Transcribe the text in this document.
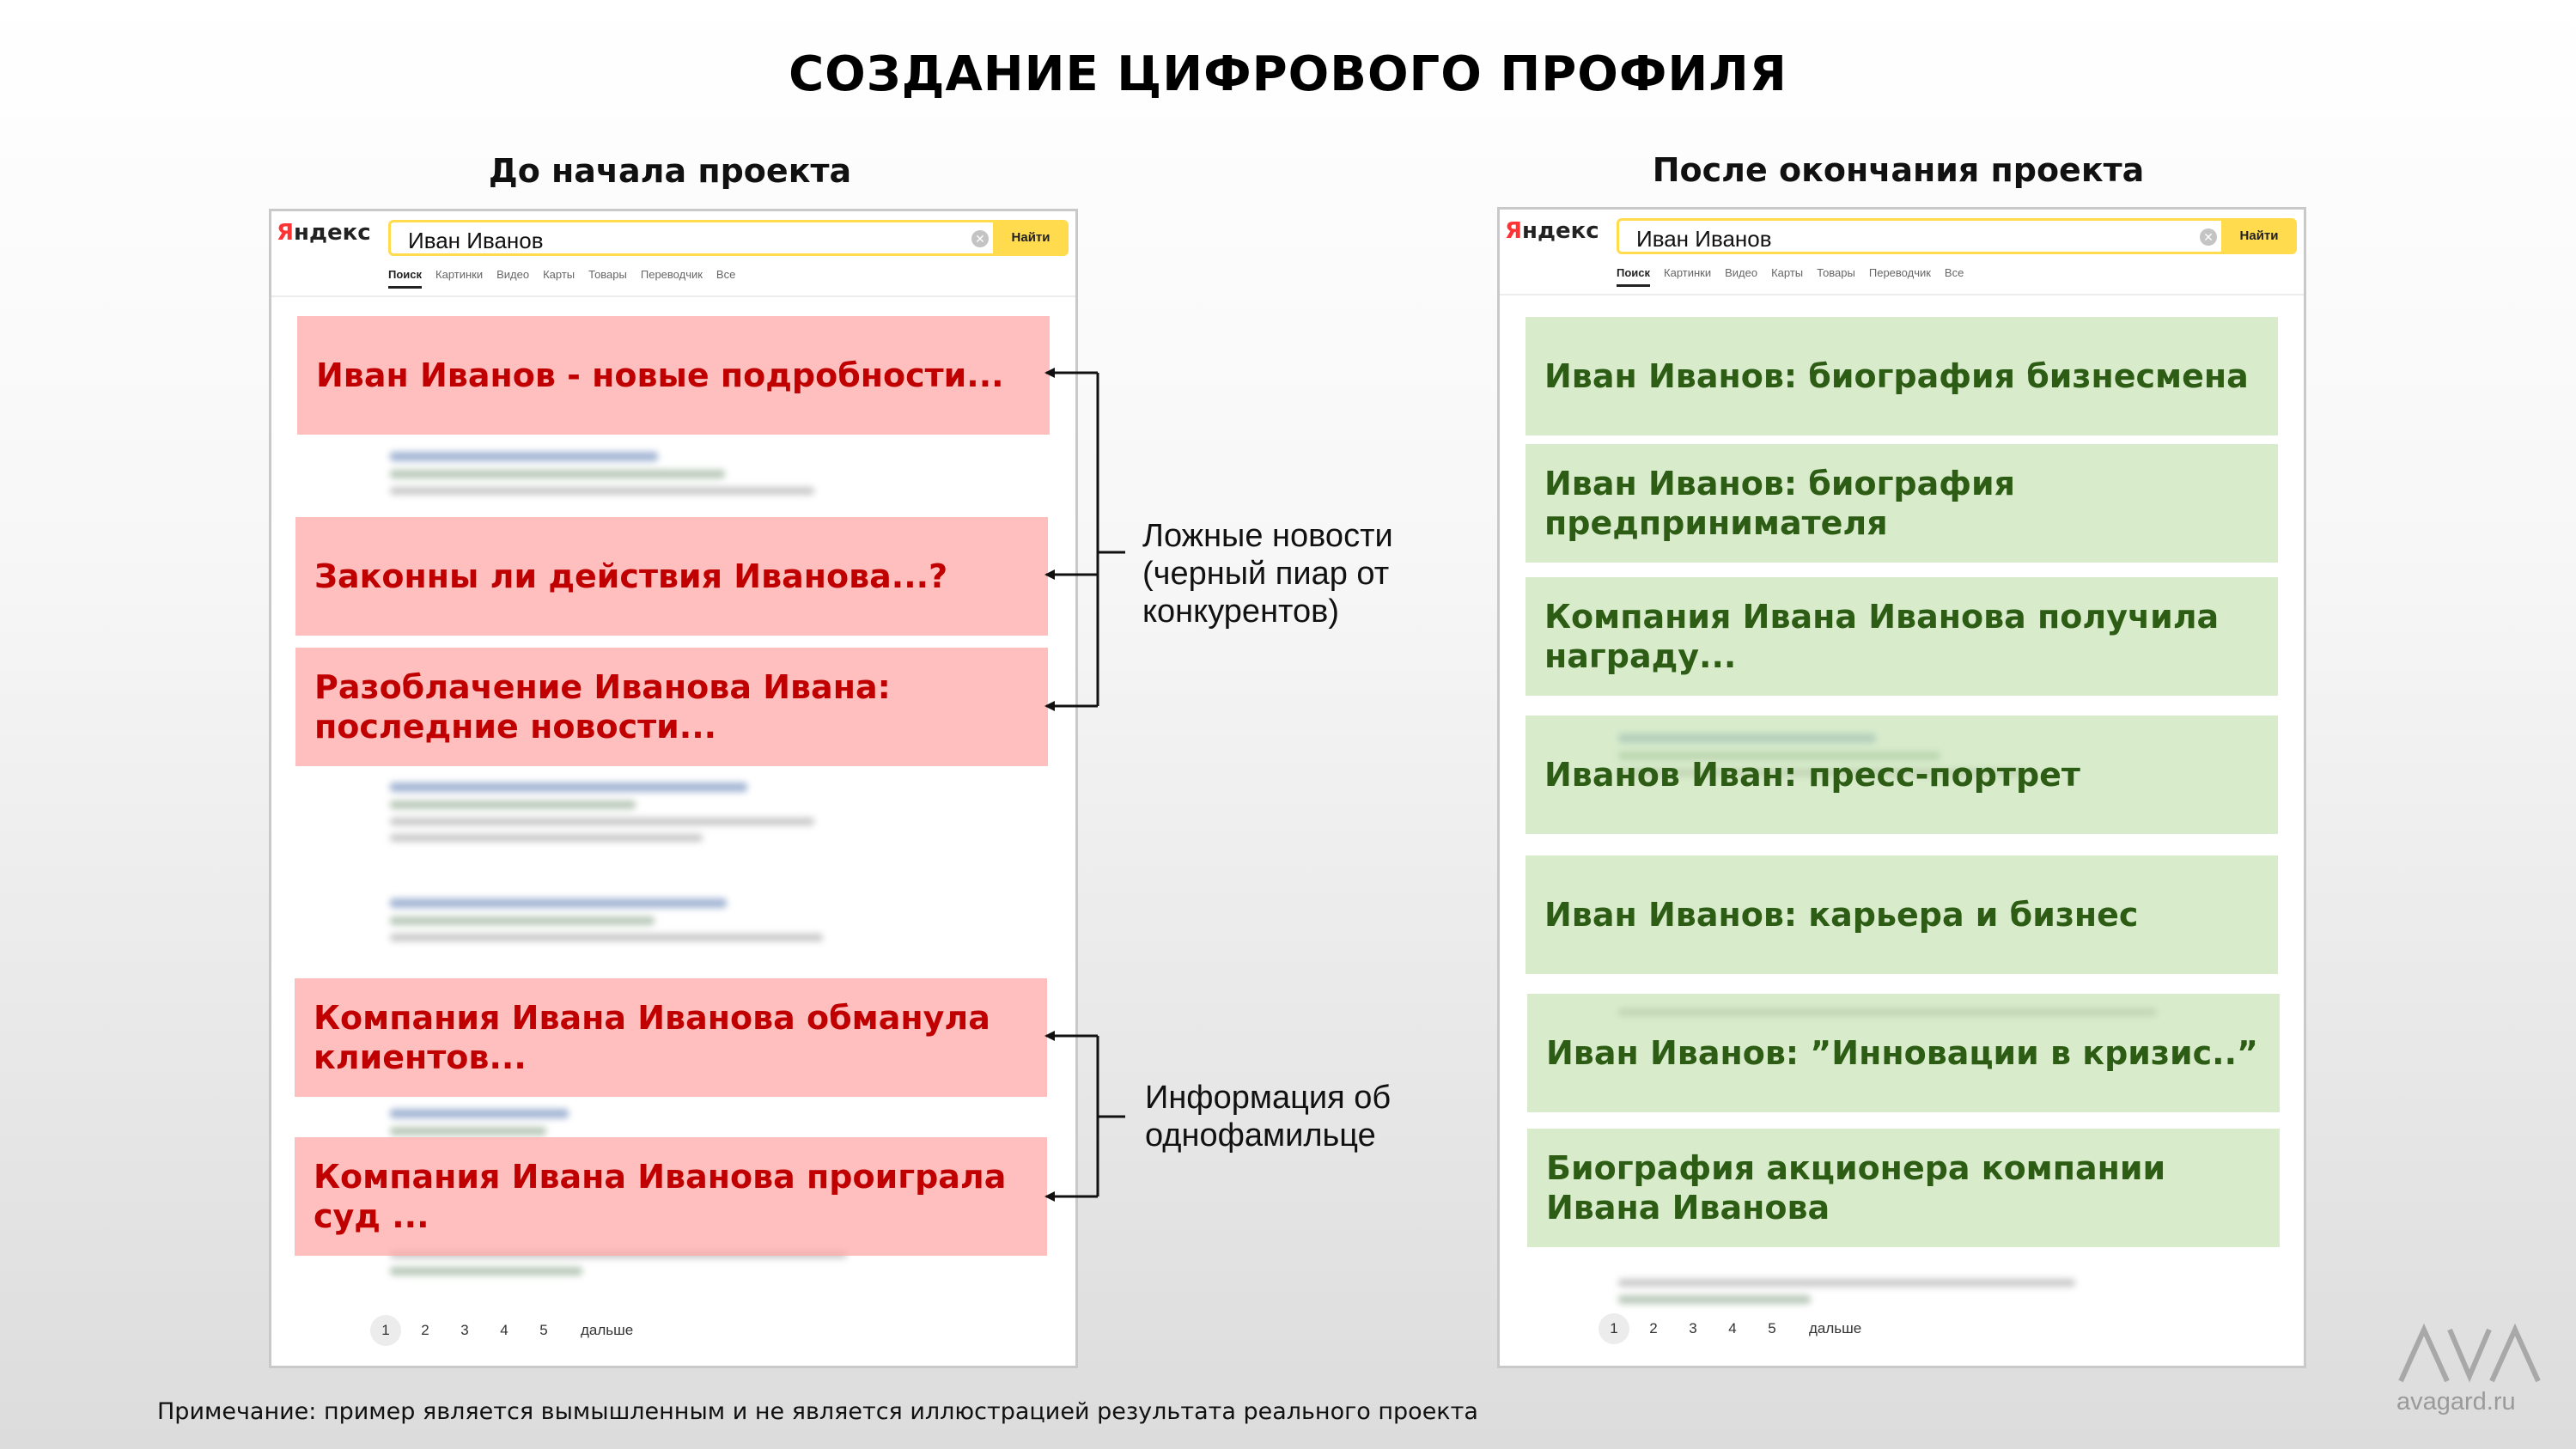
СОЗДАНИЕ ЦИФРОВОГО ПРОФИЛЯ
До начала проекта
Яндекс Иван Иванов	✕	Найти
Поиск Картинки Видео Карты Товары Переводчик Все
Иван Иванов - новые подробности...
Законны ли действия Иванова...?
Разоблачение Иванова Ивана: последние новости...
Компания Ивана Иванова обманула клиентов...
Компания Ивана Иванова проиграла суд ...
1	2	3	4	5	дальше
Ложные новости (черный пиар от конкурентов)
Информация об однофамильце
После окончания проекта
Яндекс Иван Иванов	✕	Найти
Поиск Картинки Видео Карты Товары Переводчик Все
Иван Иванов: биография бизнесмена
Иван Иванов: биография предпринимателя
Компания Ивана Иванова получила награду...
Иванов Иван: пресс-портрет
Иван Иванов: карьера и бизнес
Иван Иванов: ”Инновации в кризис..”
Биография акционера компании Ивана Иванова
1	2	3	4	5	дальше
Примечание: пример является вымышленным и не является иллюстрацией результата реального проекта
AVA
avagard.ru
